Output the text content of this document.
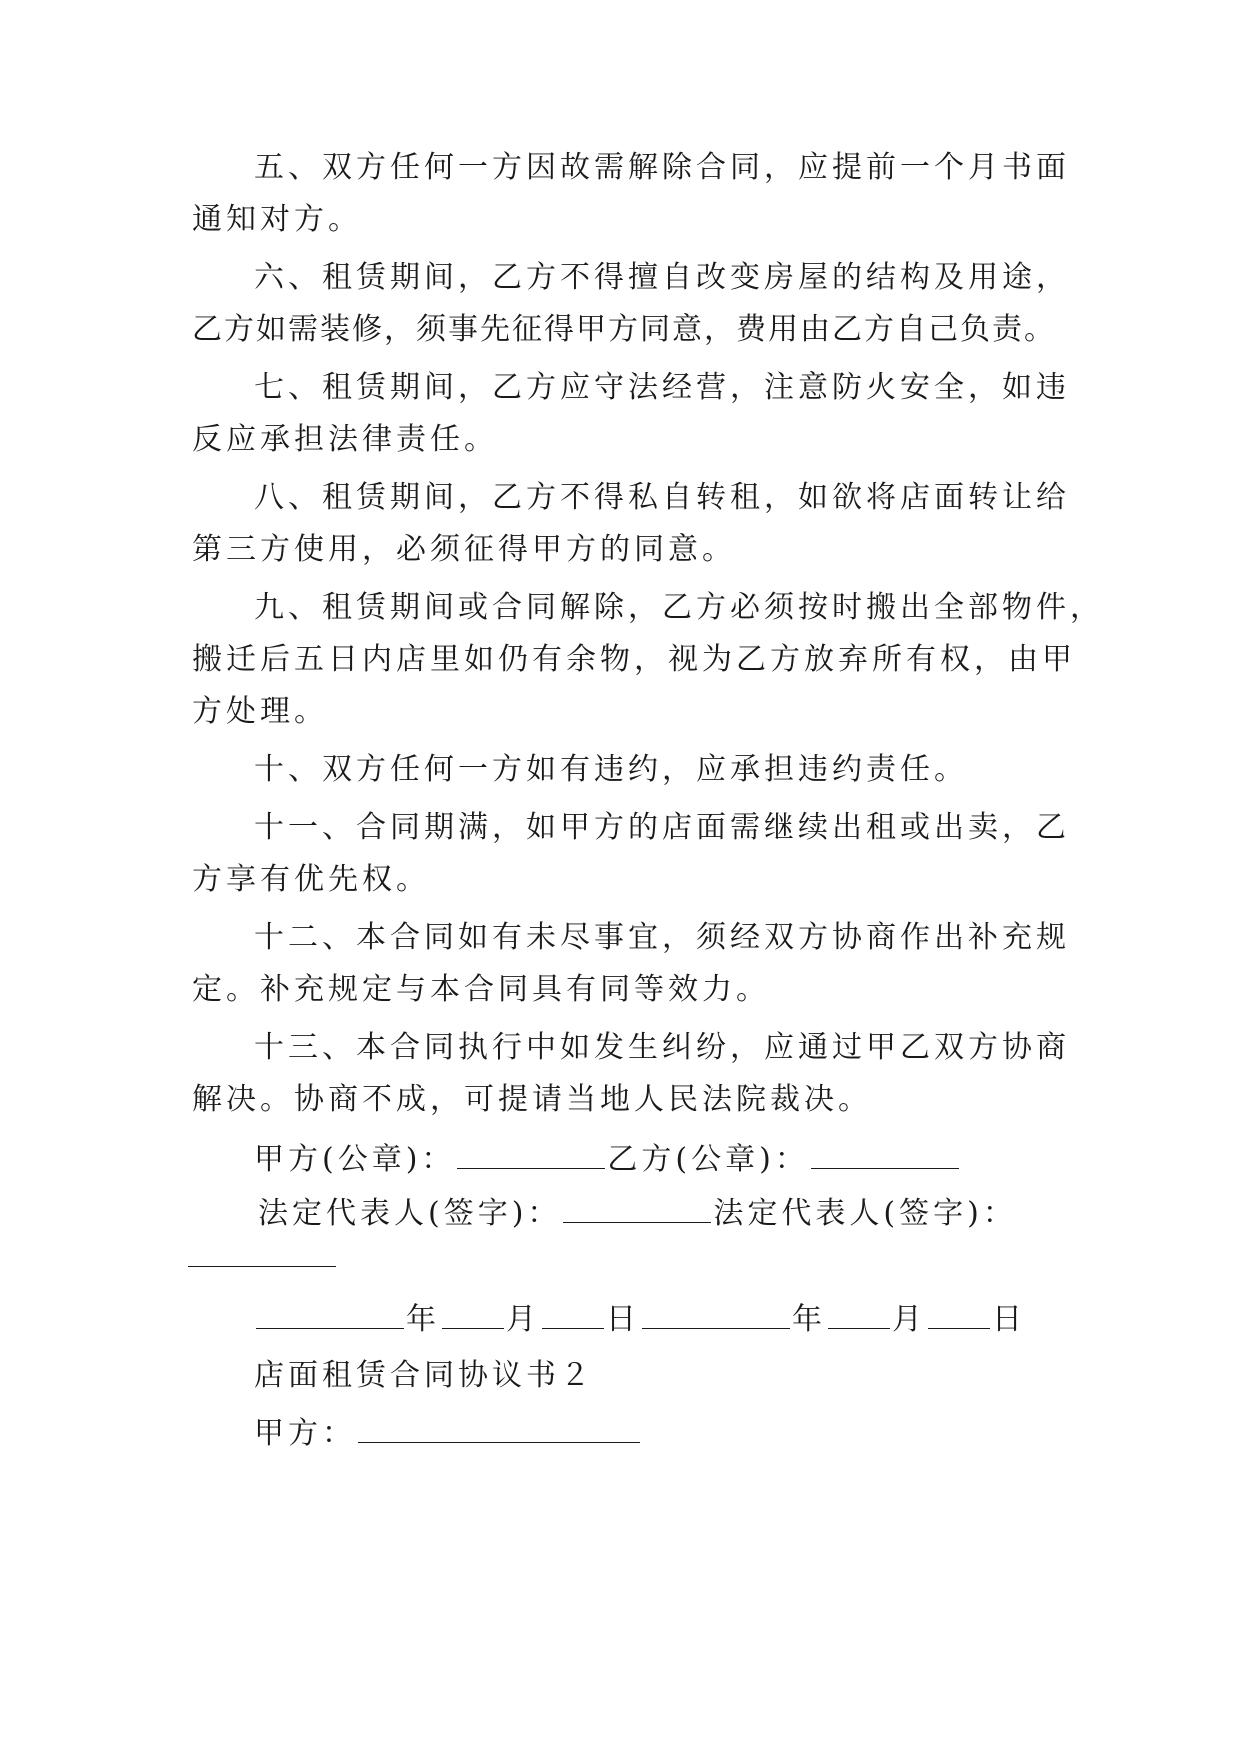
五、双方任何一方因故需解除合同，应提前一个月书面
通知对方。
六、租赁期间，乙方不得擅自改变房屋的结构及用途，
乙方如需装修，须事先征得甲方同意，费用由乙方自己负责。
七、租赁期间，乙方应守法经营，注意防火安全，如违
反应承担法律责任。
八、租赁期间，乙方不得私自转租，如欲将店面转让给
第三方使用，必须征得甲方的同意。
九、租赁期间或合同解除，乙方必须按时搬出全部物件，
搬迁后五日内店里如仍有余物，视为乙方放弃所有权，由甲
方处理。
十、双方任何一方如有违约，应承担违约责任。
十一、合同期满，如甲方的店面需继续出租或出卖，乙
方享有优先权。
十二、本合同如有未尽事宜，须经双方协商作出补充规
定。补充规定与本合同具有同等效力。
十三、本合同执行中如发生纠纷，应通过甲乙双方协商
解决。协商不成，可提请当地人民法院裁决。
甲方(公章)：	乙方(公章)：
法定代表人(签字)：	法定代表人(签字)：
年 月 日	年 月 日
店面租赁合同协议书２
甲方：
